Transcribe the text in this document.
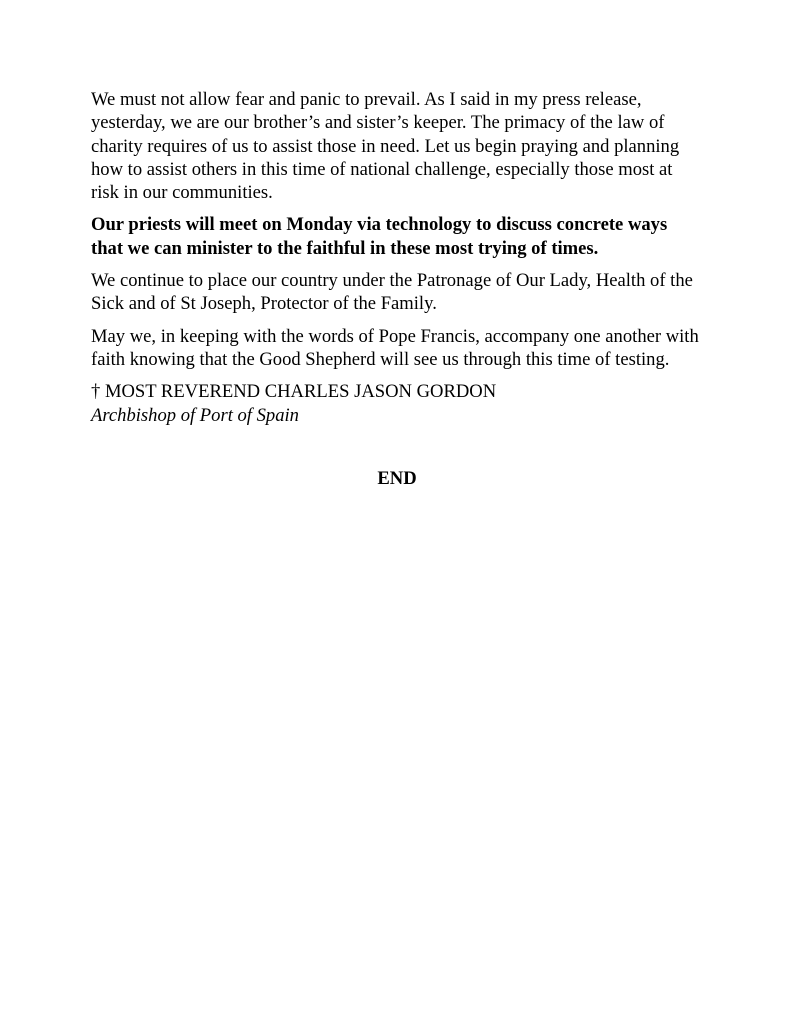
We must not allow fear and panic to prevail. As I said in my press release, yesterday, we are our brother’s and sister’s keeper. The primacy of the law of charity requires of us to assist those in need. Let us begin praying and planning how to assist others in this time of national challenge, especially those most at risk in our communities.

Our priests will meet on Monday via technology to discuss concrete ways that we can minister to the faithful in these most trying of times.

We continue to place our country under the Patronage of Our Lady, Health of the Sick and of St Joseph, Protector of the Family.

May we, in keeping with the words of Pope Francis, accompany one another with faith knowing that the Good Shepherd will see us through this time of testing.

† MOST REVEREND CHARLES JASON GORDON

Archbishop of Port of Spain

END
